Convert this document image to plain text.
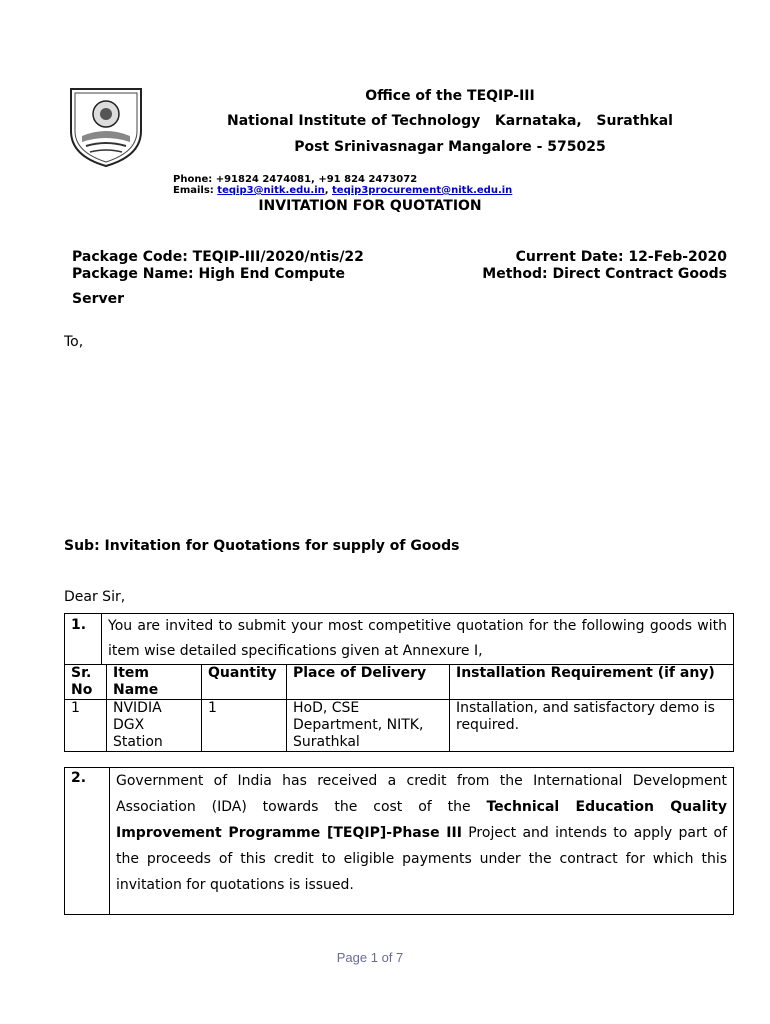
Office of the TEQIP-III
National Institute of Technology   Karnataka,   Surathkal
Post Srinivasnagar Mangalore - 575025
Phone: +91824 2474081, +91 824 2473072
Emails: teqip3@nitk.edu.in, teqip3procurement@nitk.edu.in
INVITATION FOR QUOTATION
Package Code: TEQIP-III/2020/ntis/22
Package Name: High End Compute
Server
Current Date: 12-Feb-2020
Method: Direct Contract Goods
To,
Sub: Invitation for Quotations for supply of Goods
Dear Sir,
1.	You are invited to submit your most competitive quotation for the following goods with item wise detailed specifications given at Annexure I,
Sr. No	Item Name	Quantity	Place of Delivery	Installation Requirement (if any)
1	NVIDIA DGX Station	1	HoD, CSE Department, NITK, Surathkal	Installation, and satisfactory demo is required.
2.	Government of India has received a credit from the International Development Association (IDA) towards the cost of the Technical Education Quality Improvement Programme [TEQIP]-Phase III Project and intends to apply part of the proceeds of this credit to eligible payments under the contract for which this invitation for quotations is issued.
Page 1 of 7
